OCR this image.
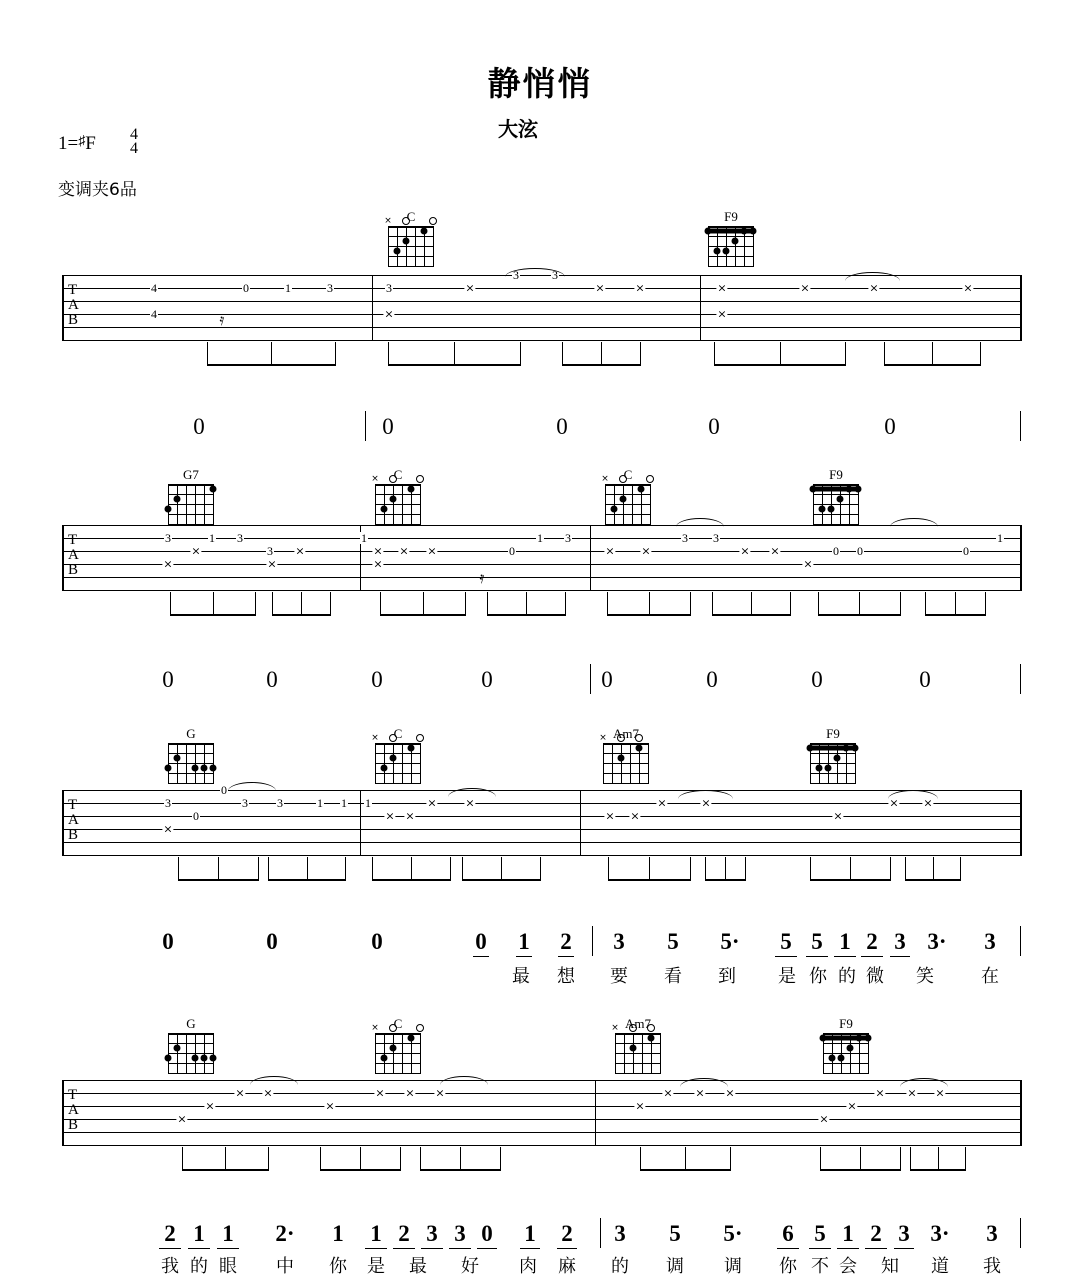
静悄悄
大泫
1=♯F	4
4
变调夹6品
C
×	F9
G7	C
×	C
×	F9
G	C
×	Am7
×	F9
G	C
×	Am7
×	F9
T
A
B
4
4
0	1	3	3
3	3
×
×	×	×	×
×
×	×	×
T
A
B
3	1 3
3
1
0
1 3	3 3
0 0	0
1
×
×	×
×	×
×
× ×	× ×	× ×
×
T
A
B
3
0
0
3 3	1 1 1
×
× ×
×	×
× ×
×	×
×
× ×
T
A
B	×
×
× ×
×
× × ×
×
× × ×
×
×
× × ×
0	0	0	0	0
0	0	0	0	0	0	0	0
0	0	0	0 1 2 3 5 5· 5 5 1 2 3 3· 3
最 想 要 看 到 是 你 的 微 笑	在
2 1 1 2· 1 1 2 3 3 0 1 2 3 5 5· 6 5 1 2 3 3· 3
我 的 眼 中 你 是 最 好 肉 麻 的 调 调 你 不 会 知 道 我
𝄿
𝄿
